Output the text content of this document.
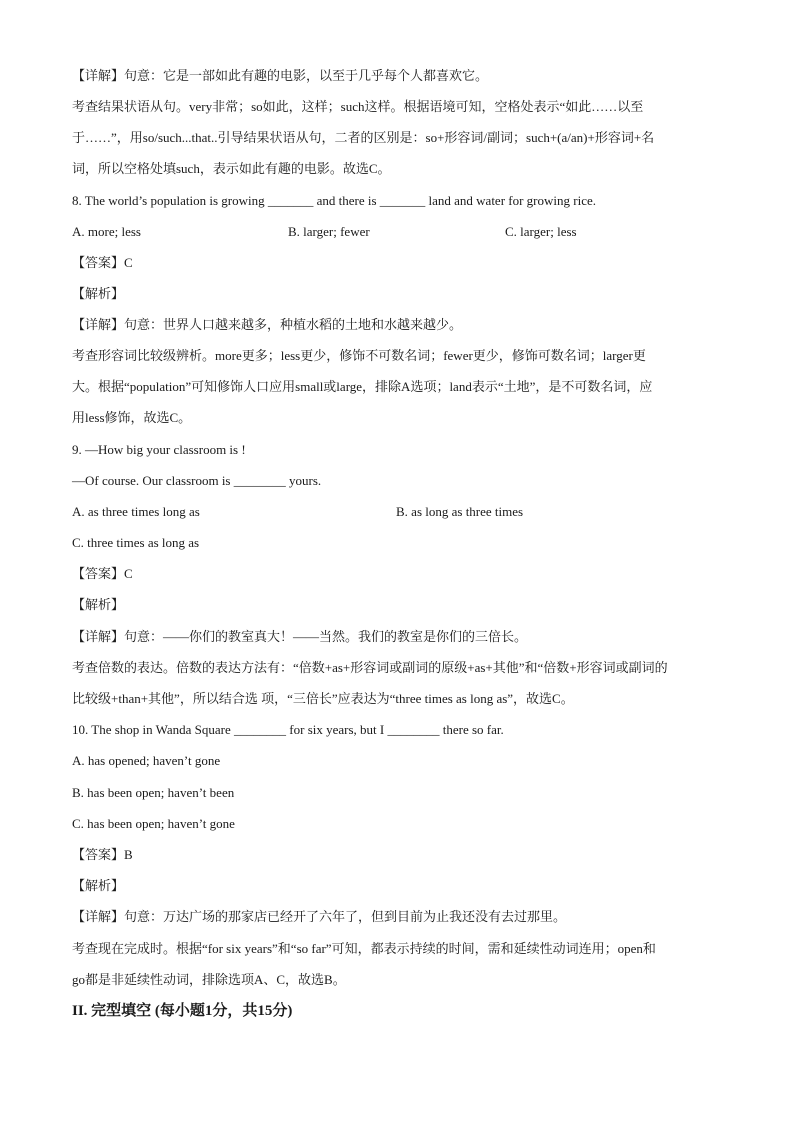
【详解】句意：它是一部如此有趣的电影，以至于几乎每个人都喜欢它。
考查结果状语从句。very非常；so如此，这样；such这样。根据语境可知，空格处表示“如此……以至
于……”，用so/such...that..引导结果状语从句，二者的区别是：so+形容词/副词；such+(a/an)+形容词+名
词，所以空格处填such，表示如此有趣的电影。故选C。
8. The world’s population is growing _______ and there is _______ land and water for growing rice.
A. more; less	B. larger; fewer	C. larger; less
【答案】C
【解析】
【详解】句意：世界人口越来越多，种植水稻的土地和水越来越少。
考查形容词比较级辨析。more更多；less更少，修饰不可数名词；fewer更少，修饰可数名词；larger更
大。根据“population”可知修饰人口应用small或large，排除A选项；land表示“土地”，是不可数名词，应
用less修饰，故选C。
9. —How big your classroom is !
—Of course. Our classroom is ________ yours.
A. as three times long as	B. as long as three times
C. three times as long as
【答案】C
【解析】
【详解】句意：——你们的教室真大！——当然。我们的教室是你们的三倍长。
考查倍数的表达。倍数的表达方法有：“倍数+as+形容词或副词的原级+as+其他”和“倍数+形容词或副词的
比较级+than+其他”，所以结合选 项，“三倍长”应表达为“three times as long as”，故选C。
10. The shop in Wanda Square ________ for six years, but I ________ there so far.
A. has opened; haven’t gone
B. has been open; haven’t been
C. has been open; haven’t gone
【答案】B
【解析】
【详解】句意：万达广场的那家店已经开了六年了，但到目前为止我还没有去过那里。
考查现在完成时。根据“for six years”和“so far”可知，都表示持续的时间，需和延续性动词连用；open和
go都是非延续性动词，排除选项A、C，故选B。
II. 完型填空 (每小题1分，共15分)
